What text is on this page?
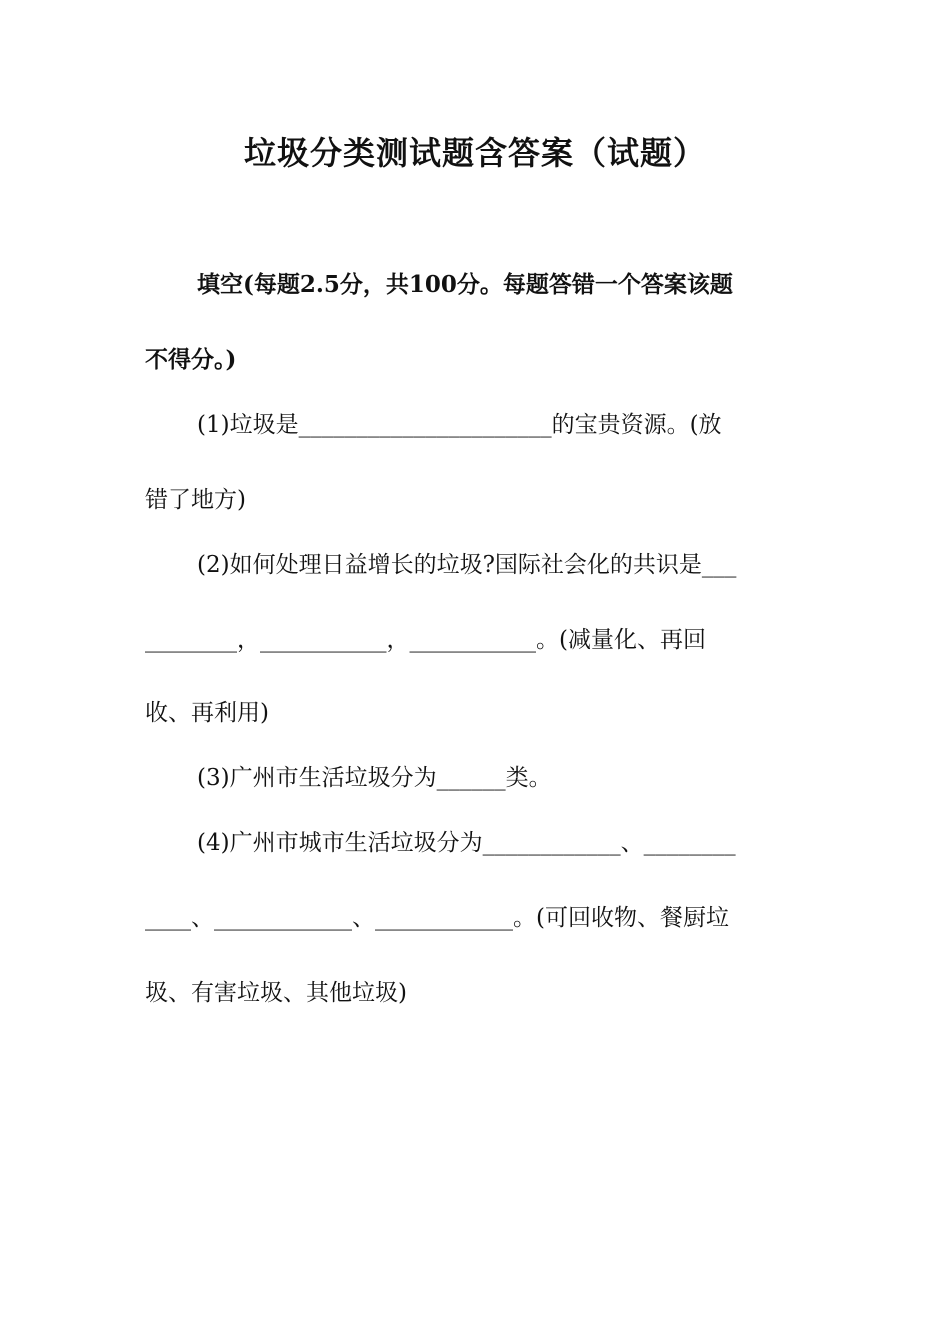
垃圾分类测试题含答案（试题）
填空(每题2.5分，共100分。每题答错一个答案该题
不得分。)
(1)垃圾是______________________的宝贵资源。(放
错了地方)
(2)如何处理日益增长的垃圾?国际社会化的共识是___
________，___________，___________。(减量化、再回
收、再利用)
(3)广州市生活垃圾分为______类。
(4)广州市城市生活垃圾分为____________、________
____、____________、____________。(可回收物、餐厨垃
圾、有害垃圾、其他垃圾)
